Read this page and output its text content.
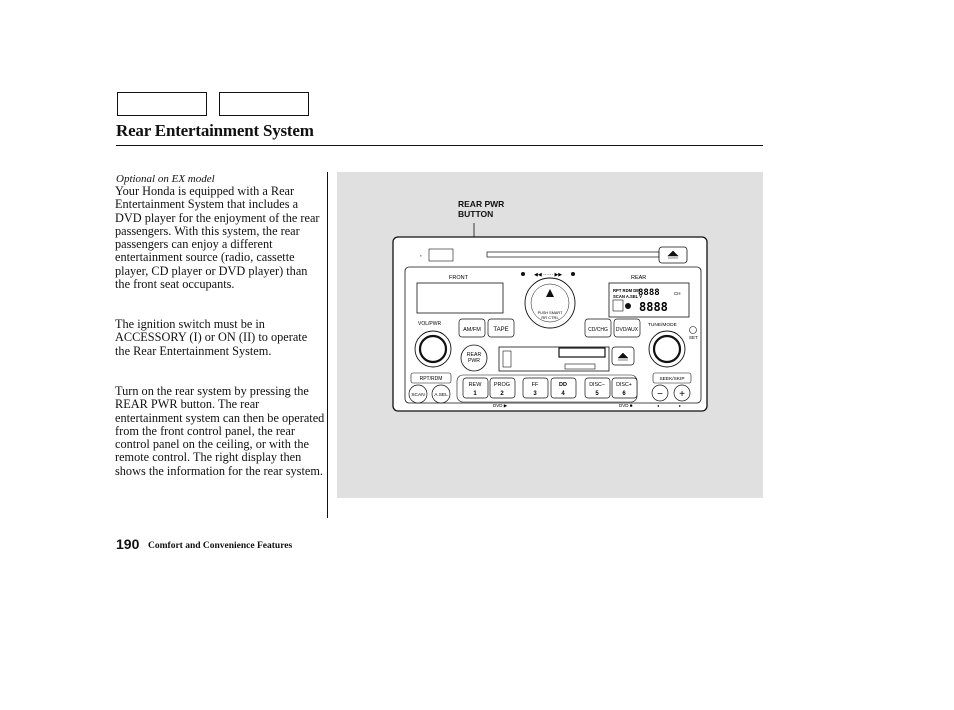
Rear Entertainment System
Optional on EX model
Your Honda is equipped with a Rear Entertainment System that includes a DVD player for the enjoyment of the rear passengers. With this system, the rear passengers can enjoy a different entertainment source (radio, cassette player, CD player or DVD player) than the front seat occupants.
The ignition switch must be in ACCESSORY (I) or ON (II) to operate the Rear Entertainment System.
Turn on the rear system by pressing the REAR PWR button. The rear entertainment system can then be operated from the front control panel, the rear control panel on the ceiling, or with the remote control. The right display then shows the information for the rear system.
REAR PWR
BUTTON
▪
FRONT	REAR
◀◀ ······ ▶▶
RPT RDM DE
SCAN A.SEL V
8888
8888
CH
PUSH SMART
RR CTRL
VOL/PWR
AM/FM TAPE	CD/CHG DVD/AUX
TUNE/MODE
SET
REAR
PWR
RPT/RDM
SCAN A.SEL
REW
1
PROG
2
FF
3
DD
4
DISC–
5
DISC+
6
DVD ▶	DVD ■
SEEK/SKIP
− +
◂	▸
190 Comfort and Convenience Features
